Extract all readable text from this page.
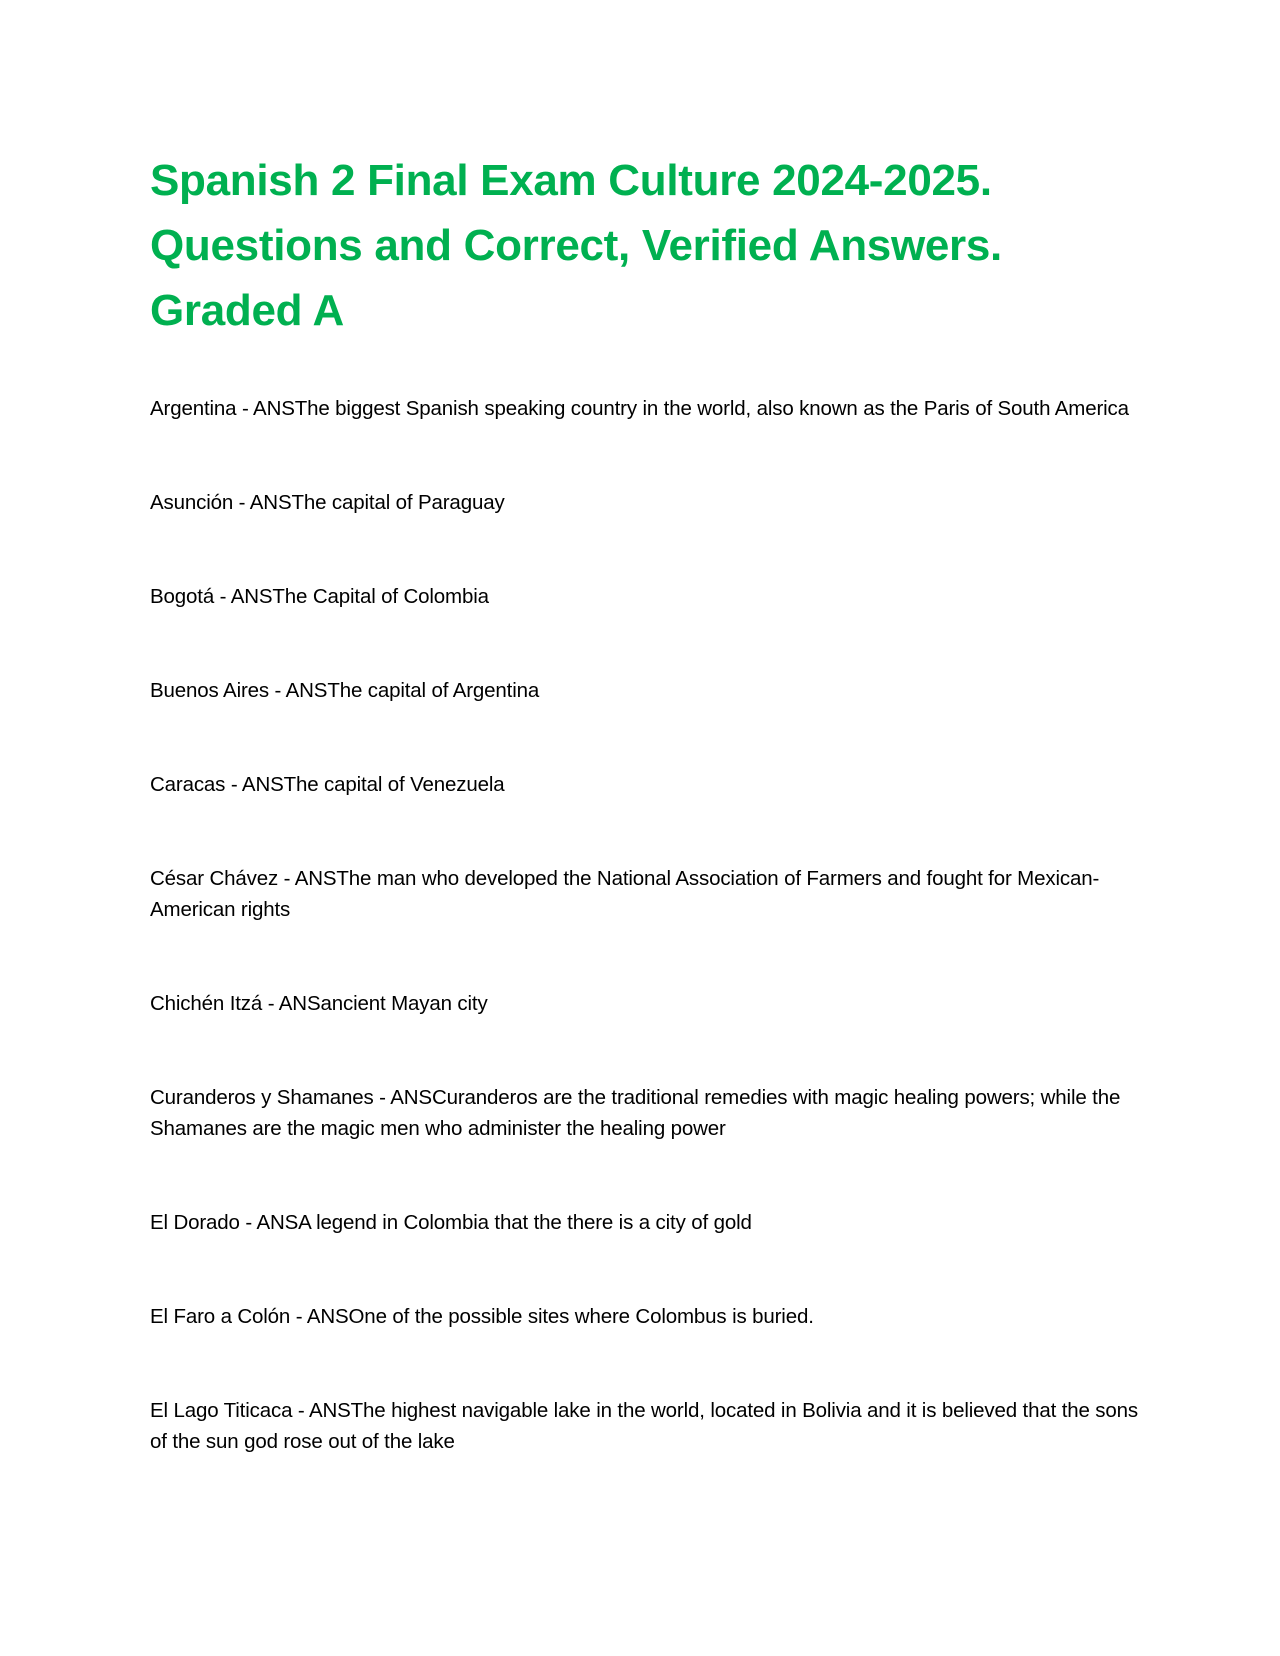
Spanish 2 Final Exam Culture 2024-2025.
Questions and Correct, Verified Answers.
Graded A

Argentina - ANSThe biggest Spanish speaking country in the world, also known as the Paris of South America

Asunción - ANSThe capital of Paraguay

Bogotá - ANSThe Capital of Colombia

Buenos Aires - ANSThe capital of Argentina

Caracas - ANSThe capital of Venezuela

César Chávez - ANSThe man who developed the National Association of Farmers and fought for Mexican-American rights

Chichén Itzá - ANSancient Mayan city

Curanderos y Shamanes - ANSCuranderos are the traditional remedies with magic healing powers; while the Shamanes are the magic men who administer the healing power

El Dorado - ANSA legend in Colombia that the there is a city of gold

El Faro a Colón - ANSOne of the possible sites where Colombus is buried.

El Lago Titicaca - ANSThe highest navigable lake in the world, located in Bolivia and it is believed that the sons of the sun god rose out of the lake
